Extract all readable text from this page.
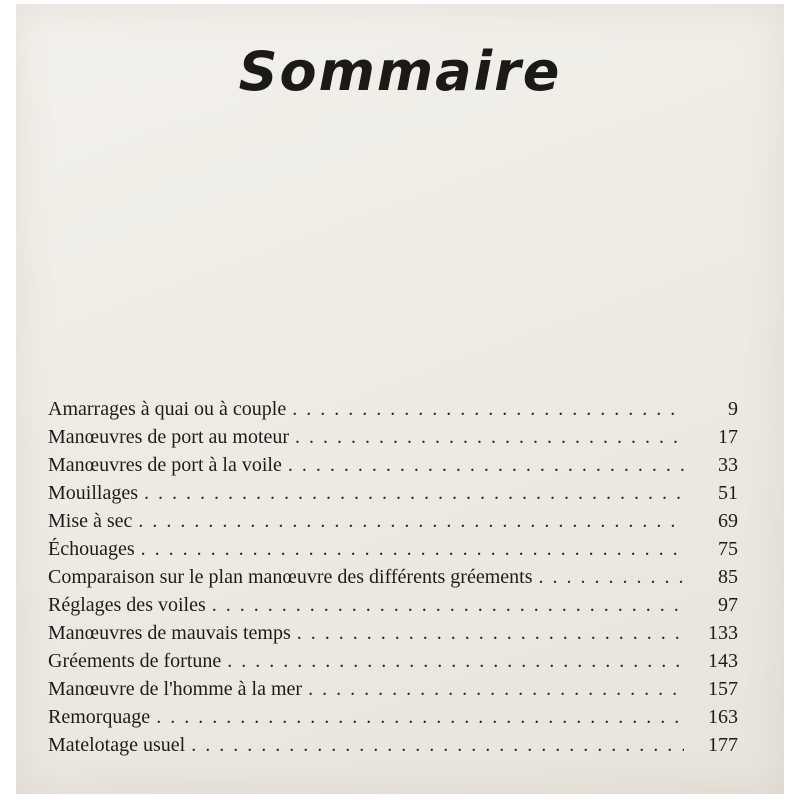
Sommaire
Amarrages à quai ou à couple . . .	9
Manœuvres de port au moteur . . .	17
Manœuvres de port à la voile . . .	33
Mouillages . . .	51
Mise à sec . . .	69
Échouages . . .	75
Comparaison sur le plan manœuvre des différents gréements . . .	85
Réglages des voiles . . .	97
Manœuvres de mauvais temps . . .	133
Gréements de fortune . . .	143
Manœuvre de l'homme à la mer . . .	157
Remorquage . . .	163
Matelotage usuel . . .	177
